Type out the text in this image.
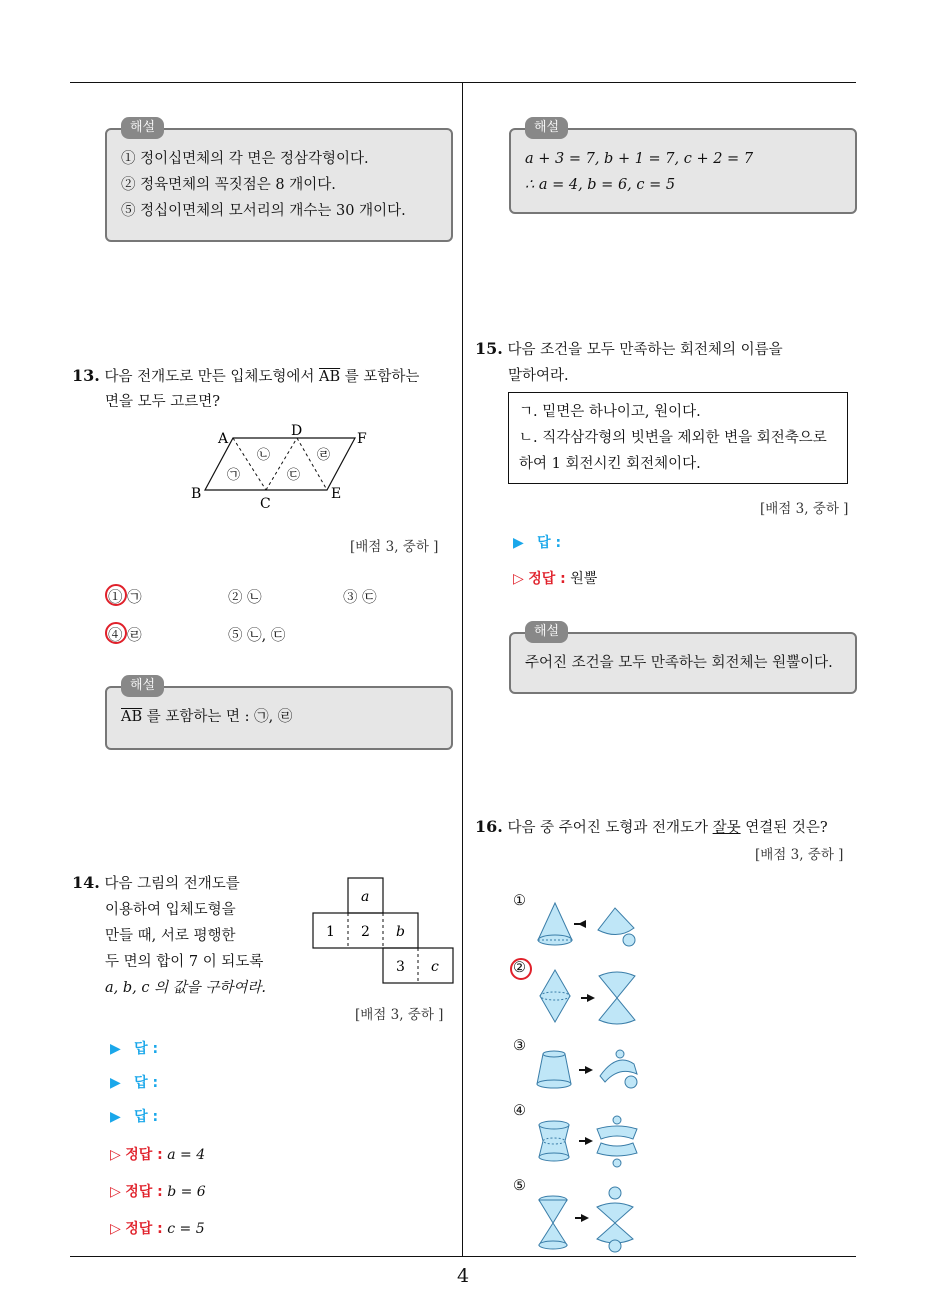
4
해설
① 정이십면체의 각 면은 정삼각형이다.
② 정육면체의 꼭짓점은 8 개이다.
⑤ 정십이면체의 모서리의 개수는 30 개이다.
13. 다음 전개도로 만든 입체도형에서 $\overline{AB}$ 를 포함하는
면을 모두 고르면?
A
B
C
D
E
F
㉠
㉡
㉢
㉣
[배점 3, 중하 ]
① ㉠	② ㉡	③ ㉢
④ ㉣	⑤ ㉡, ㉢
해설
$\overline{AB}$ 를 포함하는 면 : ㉠, ㉣
14. 다음 그림의 전개도를
이용하여 입체도형을
만들 때, 서로 평행한
두 면의 합이 7 이 되도록
a, b, c 의 값을 구하여라.
a
1 2 b
3 c
[배점 3, 중하 ]
▶ 답 :
▶ 답 :
▶ 답 :
▷ 정답 : a = 4
▷ 정답 : b = 6
▷ 정답 : c = 5
해설
a + 3 = 7, b + 1 = 7, c + 2 = 7
∴ a = 4, b = 6, c = 5
15. 다음 조건을 모두 만족하는 회전체의 이름을
말하여라.
ㄱ. 밑면은 하나이고, 원이다.
ㄴ. 직각삼각형의 빗변을 제외한 변을 회전축으로
하여 1 회전시킨 회전체이다.
[배점 3, 중하 ]
▶ 답 :
▷ 정답 : 원뿔
해설
주어진 조건을 모두 만족하는 회전체는 원뿔이다.
16. 다음 중 주어진 도형과 전개도가 잘못 연결된 것은?
[배점 3, 중하 ]
①
②
③
④
⑤
